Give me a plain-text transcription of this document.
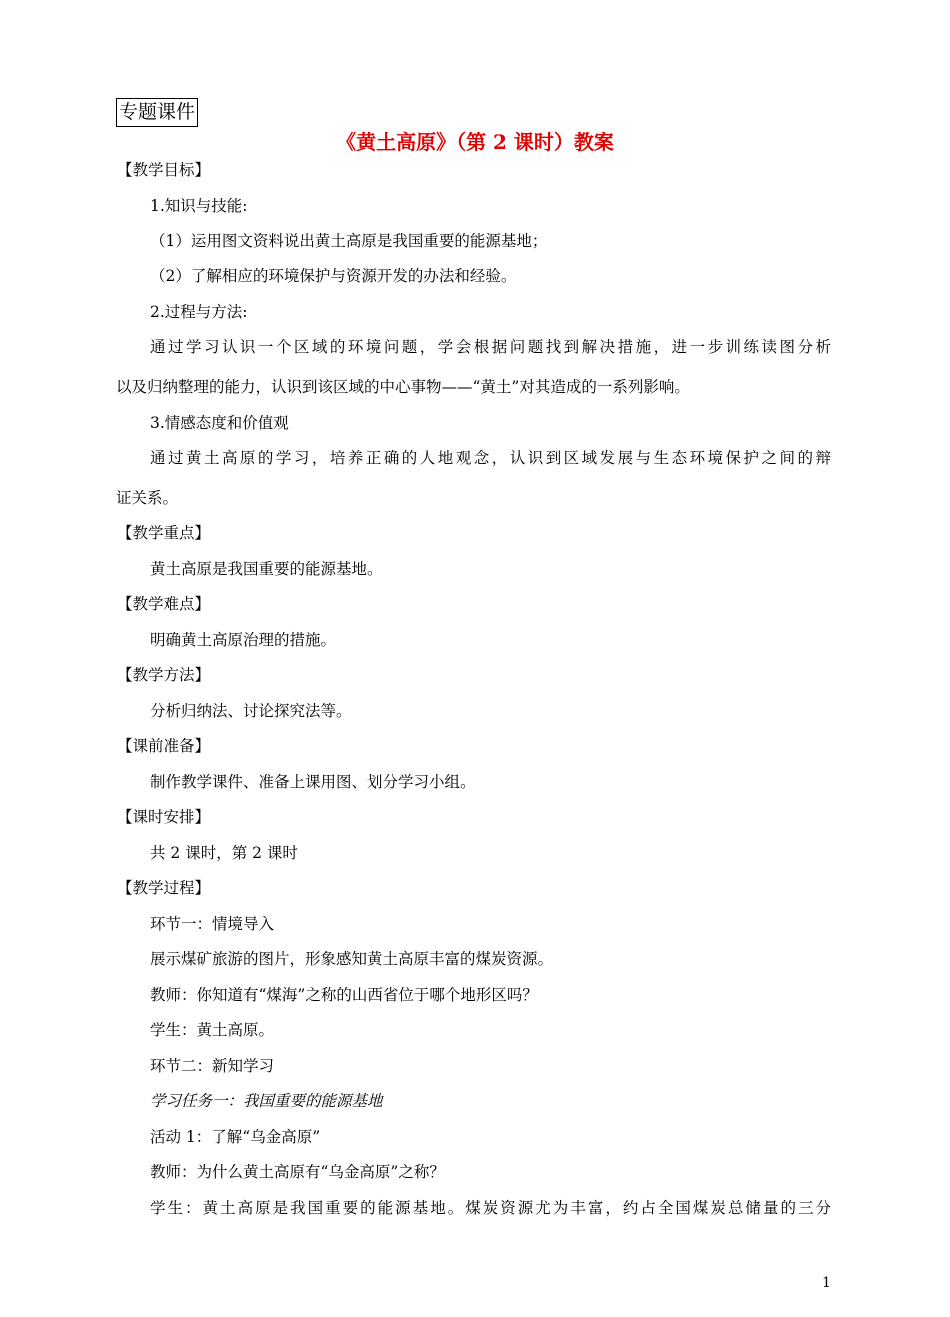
专题课件
《黄土高原》（第 2 课时）教案
【教学目标】
1.知识与技能:
（1）运用图文资料说出黄土高原是我国重要的能源基地；
（2）了解相应的环境保护与资源开发的办法和经验。
2.过程与方法:
通过学习认识一个区域的环境问题，学会根据问题找到解决措施，进一步训练读图分析
以及归纳整理的能力，认识到该区域的中心事物——“黄土”对其造成的一系列影响。
3.情感态度和价值观
通过黄土高原的学习，培养正确的人地观念，认识到区域发展与生态环境保护之间的辩
证关系。
【教学重点】
黄土高原是我国重要的能源基地。
【教学难点】
明确黄土高原治理的措施。
【教学方法】
分析归纳法、讨论探究法等。
【课前准备】
制作教学课件、准备上课用图、划分学习小组。
【课时安排】
共 2 课时，第 2 课时
【教学过程】
环节一：情境导入
展示煤矿旅游的图片，形象感知黄土高原丰富的煤炭资源。
教师：你知道有“煤海”之称的山西省位于哪个地形区吗？
学生：黄土高原。
环节二：新知学习
学习任务一：我国重要的能源基地
活动 1：了解“乌金高原”
教师：为什么黄土高原有“乌金高原”之称？
学生：黄土高原是我国重要的能源基地。煤炭资源尤为丰富，约占全国煤炭总储量的三分
1
